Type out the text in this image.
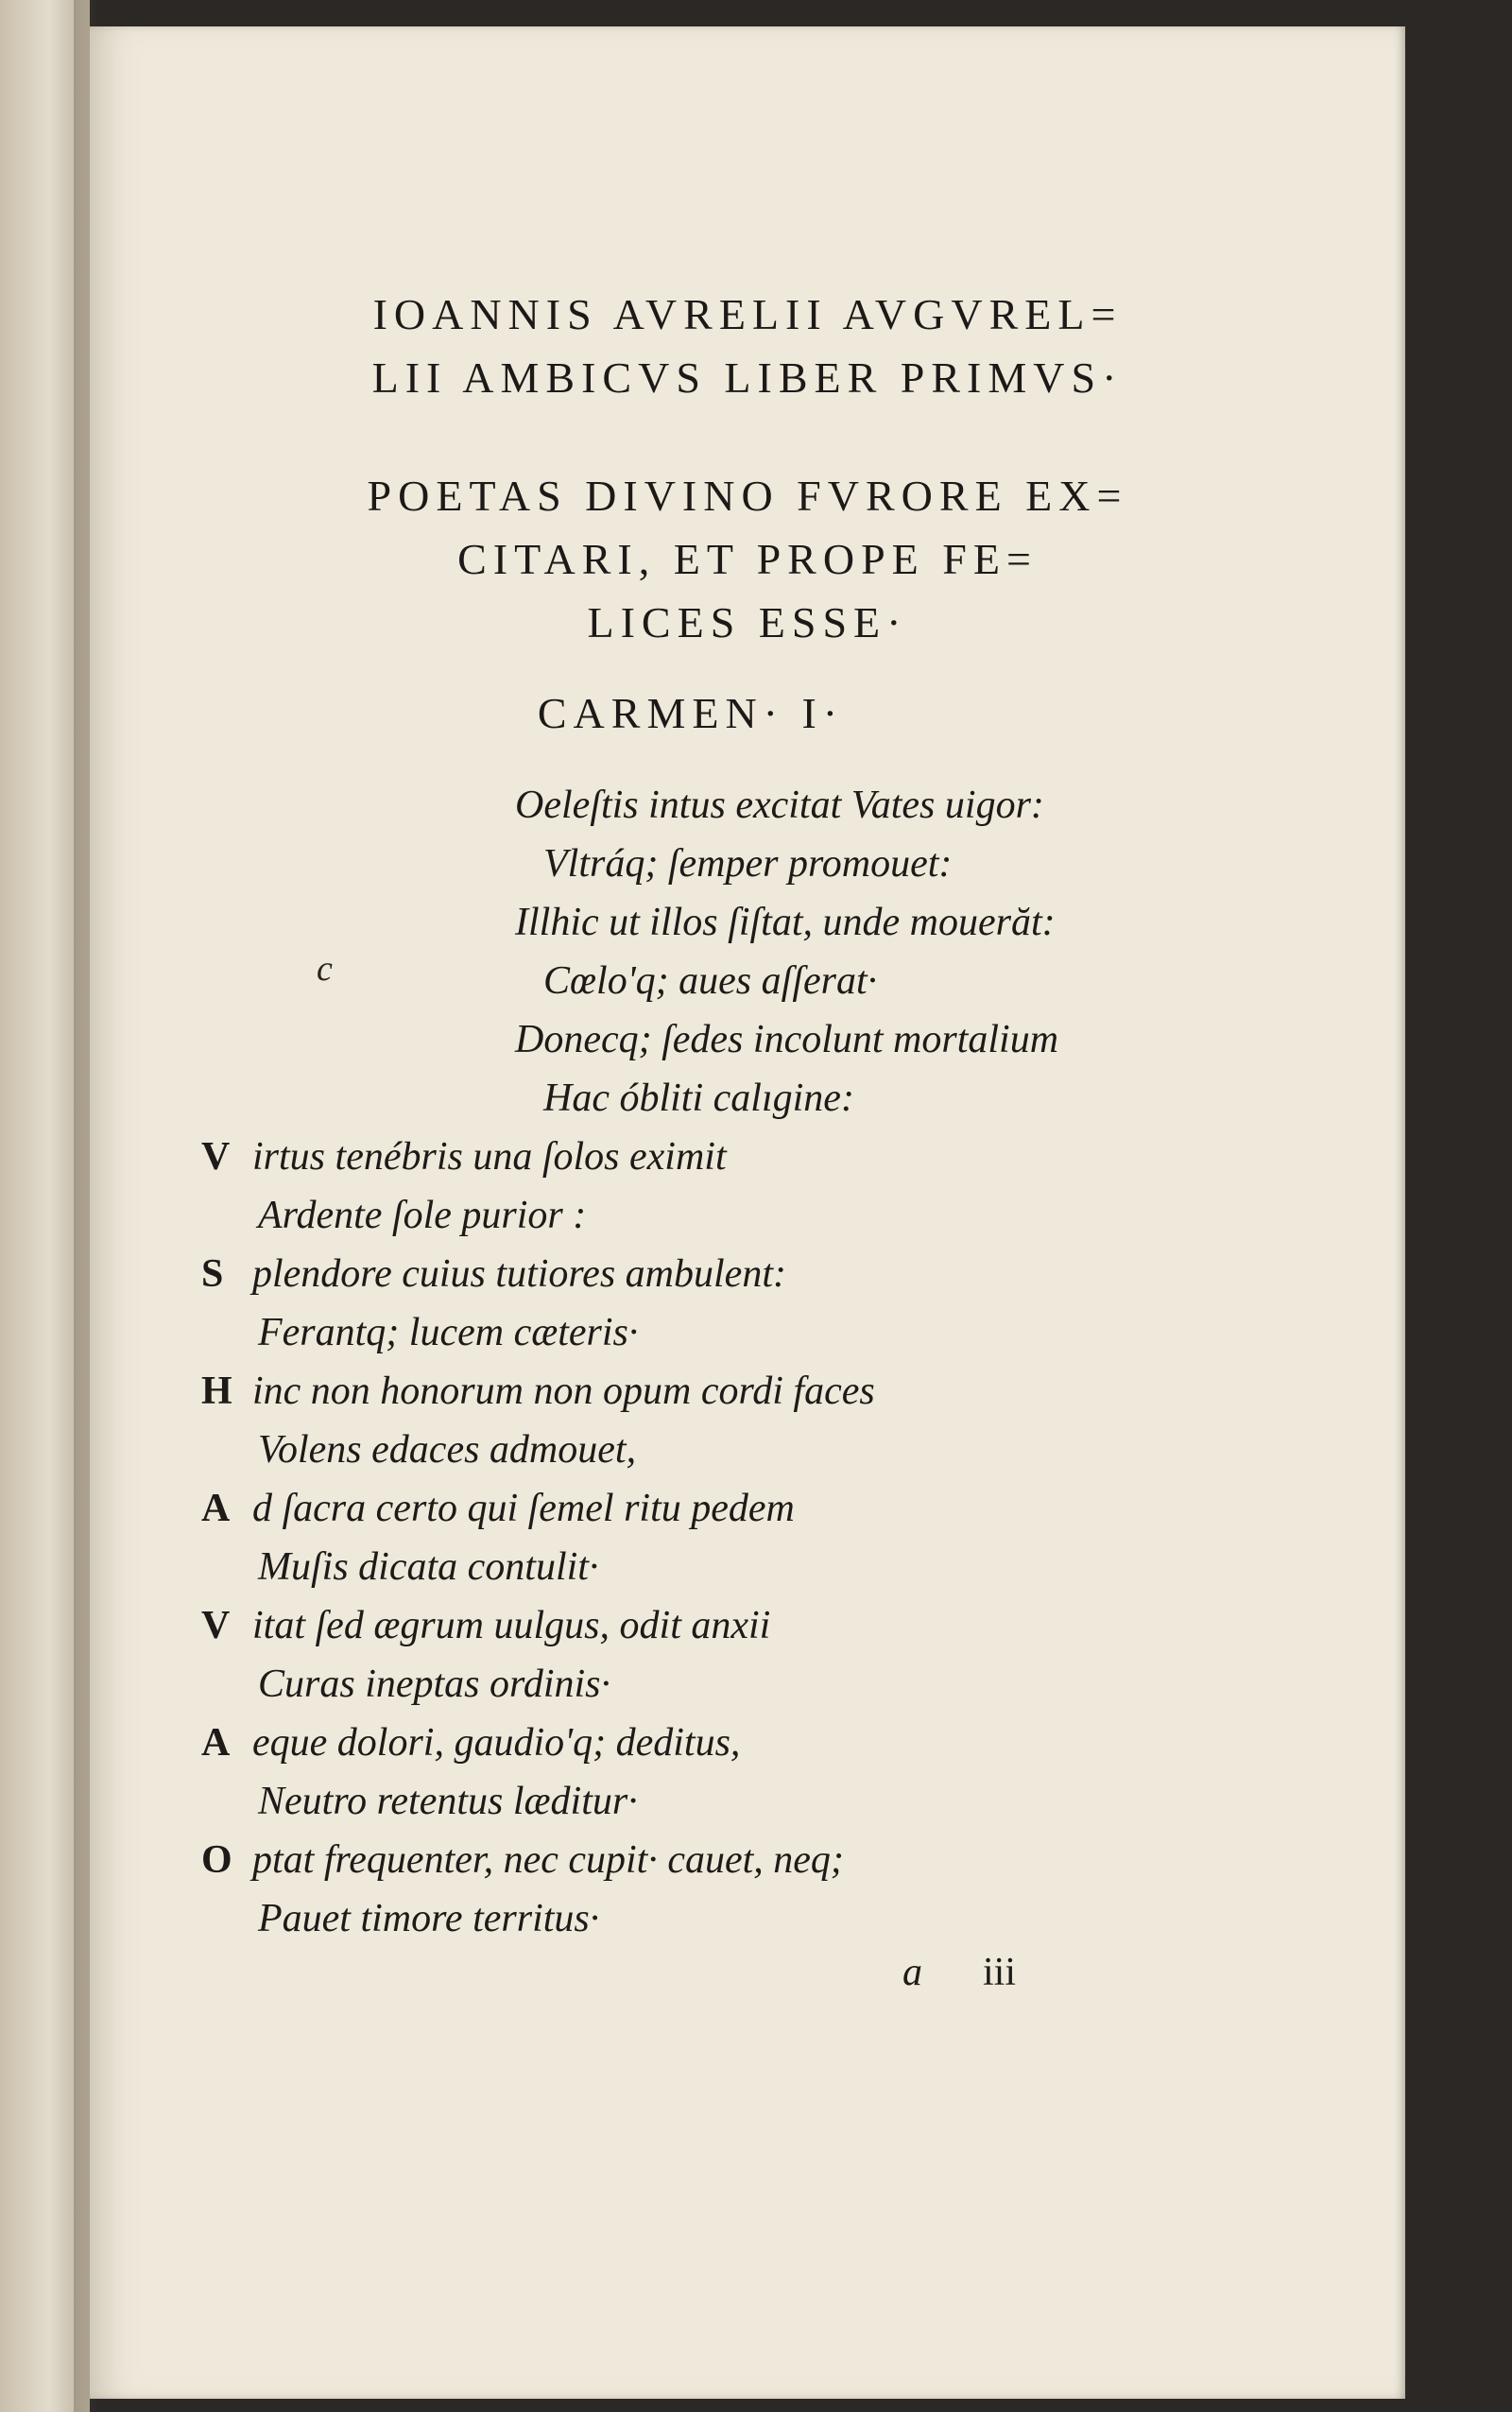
IOANNIS AVRELII AVGVREL=
LII AMBICVS LIBER PRIMVS·
POETAS DIVINO FVRORE EX=
CITARI, ET PROPE FE=
LICES ESSE·
CARMEN· I·
c
Oeleſtis intus excitat Vates uigor:
Vltráq; ſemper promouet:
Illhic ut illos ſiſtat, unde mouerăt:
Cœlo'q; aues aſſerat·
Donecq; ſedes incolunt mortalium
Hac óbliti calıgine:
V irtus tenébris una ſolos eximit
Ardente ſole purior :
S plendore cuius tutiores ambulent:
Ferantq; lucem cæteris·
H inc non honorum non opum cordi faces
Volens edaces admouet,
A d ſacra certo qui ſemel ritu pedem
Muſis dicata contulit·
V itat ſed ægrum uulgus, odit anxii
Curas ineptas ordinis·
A eque dolori, gaudio'q; deditus,
Neutro retentus læditur·
O ptat frequenter, nec cupit· cauet, neq;
Pauet timore territus·
a iii
